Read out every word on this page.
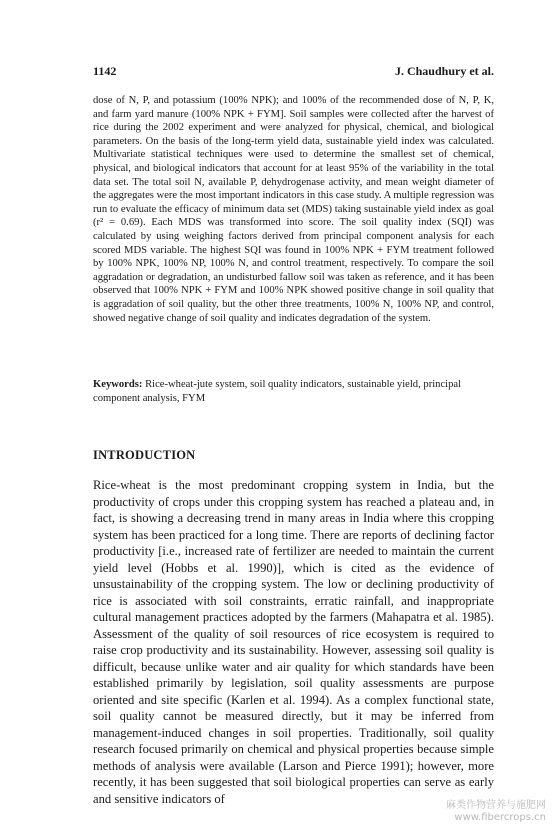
1142	J. Chaudhury et al.

dose of N, P, and potassium (100% NPK); and 100% of the recommended dose of N, P, K, and farm yard manure (100% NPK + FYM]. Soil samples were collected after the harvest of rice during the 2002 experiment and were analyzed for physical, chemical, and biological parameters. On the basis of the long-term yield data, sustainable yield index was calculated. Multivariate statistical techniques were used to determine the smallest set of chemical, physical, and biological indicators that account for at least 95% of the variability in the total data set. The total soil N, available P, dehydrogenase activity, and mean weight diameter of the aggregates were the most important indicators in this case study. A multiple regression was run to evaluate the efficacy of minimum data set (MDS) taking sustainable yield index as goal (r² = 0.69). Each MDS was transformed into score. The soil quality index (SQI) was calculated by using weighing factors derived from principal component analysis for each scored MDS variable. The highest SQI was found in 100% NPK + FYM treatment followed by 100% NPK, 100% NP, 100% N, and control treatment, respectively. To compare the soil aggradation or degradation, an undisturbed fallow soil was taken as reference, and it has been observed that 100% NPK + FYM and 100% NPK showed positive change in soil quality that is aggradation of soil quality, but the other three treatments, 100% N, 100% NP, and control, showed negative change of soil quality and indicates degradation of the system.

Keywords: Rice-wheat-jute system, soil quality indicators, sustainable yield, principal component analysis, FYM
INTRODUCTION

Rice-wheat is the most predominant cropping system in India, but the productivity of crops under this cropping system has reached a plateau and, in fact, is showing a decreasing trend in many areas in India where this cropping system has been practiced for a long time. There are reports of declining factor productivity [i.e., increased rate of fertilizer are needed to maintain the current yield level (Hobbs et al. 1990)], which is cited as the evidence of unsustainability of the cropping system. The low or declining productivity of rice is associated with soil constraints, erratic rainfall, and inappropriate cultural management practices adopted by the farmers (Mahapatra et al. 1985). Assessment of the quality of soil resources of rice ecosystem is required to raise crop productivity and its sustainability. However, assessing soil quality is difficult, because unlike water and air quality for which standards have been established primarily by legislation, soil quality assessments are purpose oriented and site specific (Karlen et al. 1994). As a complex functional state, soil quality cannot be measured directly, but it may be inferred from management-induced changes in soil properties. Traditionally, soil quality research focused primarily on chemical and physical properties because simple methods of analysis were available (Larson and Pierce 1991); however, more recently, it has been suggested that soil biological properties can serve as early and sensitive indicators of	麻类作物营养与施肥网
www.fibercrops.cn
